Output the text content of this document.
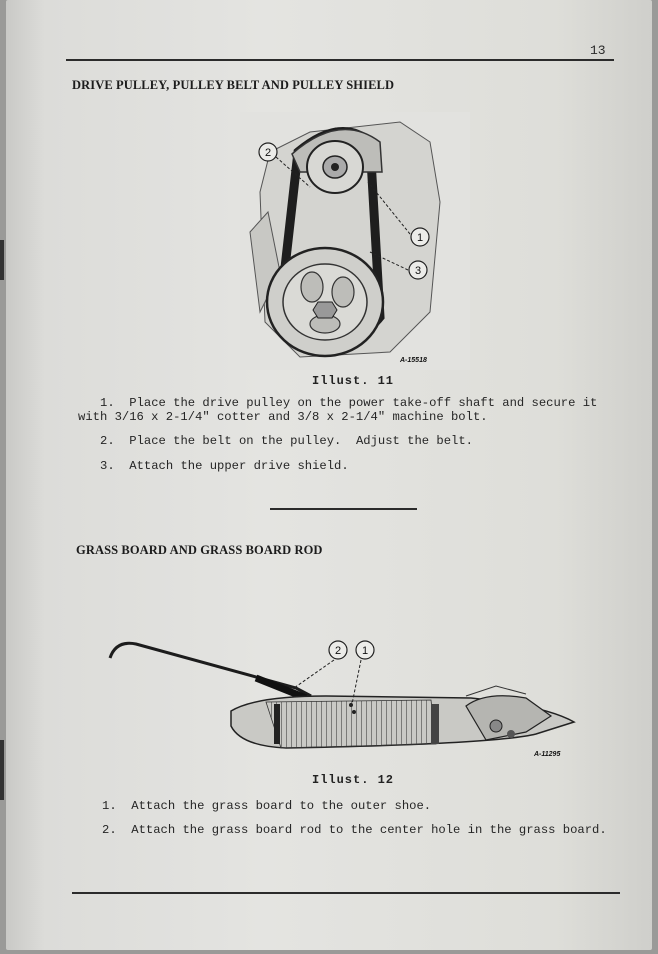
13
DRIVE PULLEY, PULLEY BELT AND PULLEY SHIELD
2
1
3
A-15518
Illust. 11
1.  Place the drive pulley on the power take-off shaft and secure it
with 3/16 x 2-1/4" cotter and 3/8 x 2-1/4" machine bolt.
2.  Place the belt on the pulley.  Adjust the belt.
3.  Attach the upper drive shield.
GRASS BOARD AND GRASS BOARD ROD
2 1
A-11295
Illust. 12
1.  Attach the grass board to the outer shoe.
2.  Attach the grass board rod to the center hole in the grass board.
